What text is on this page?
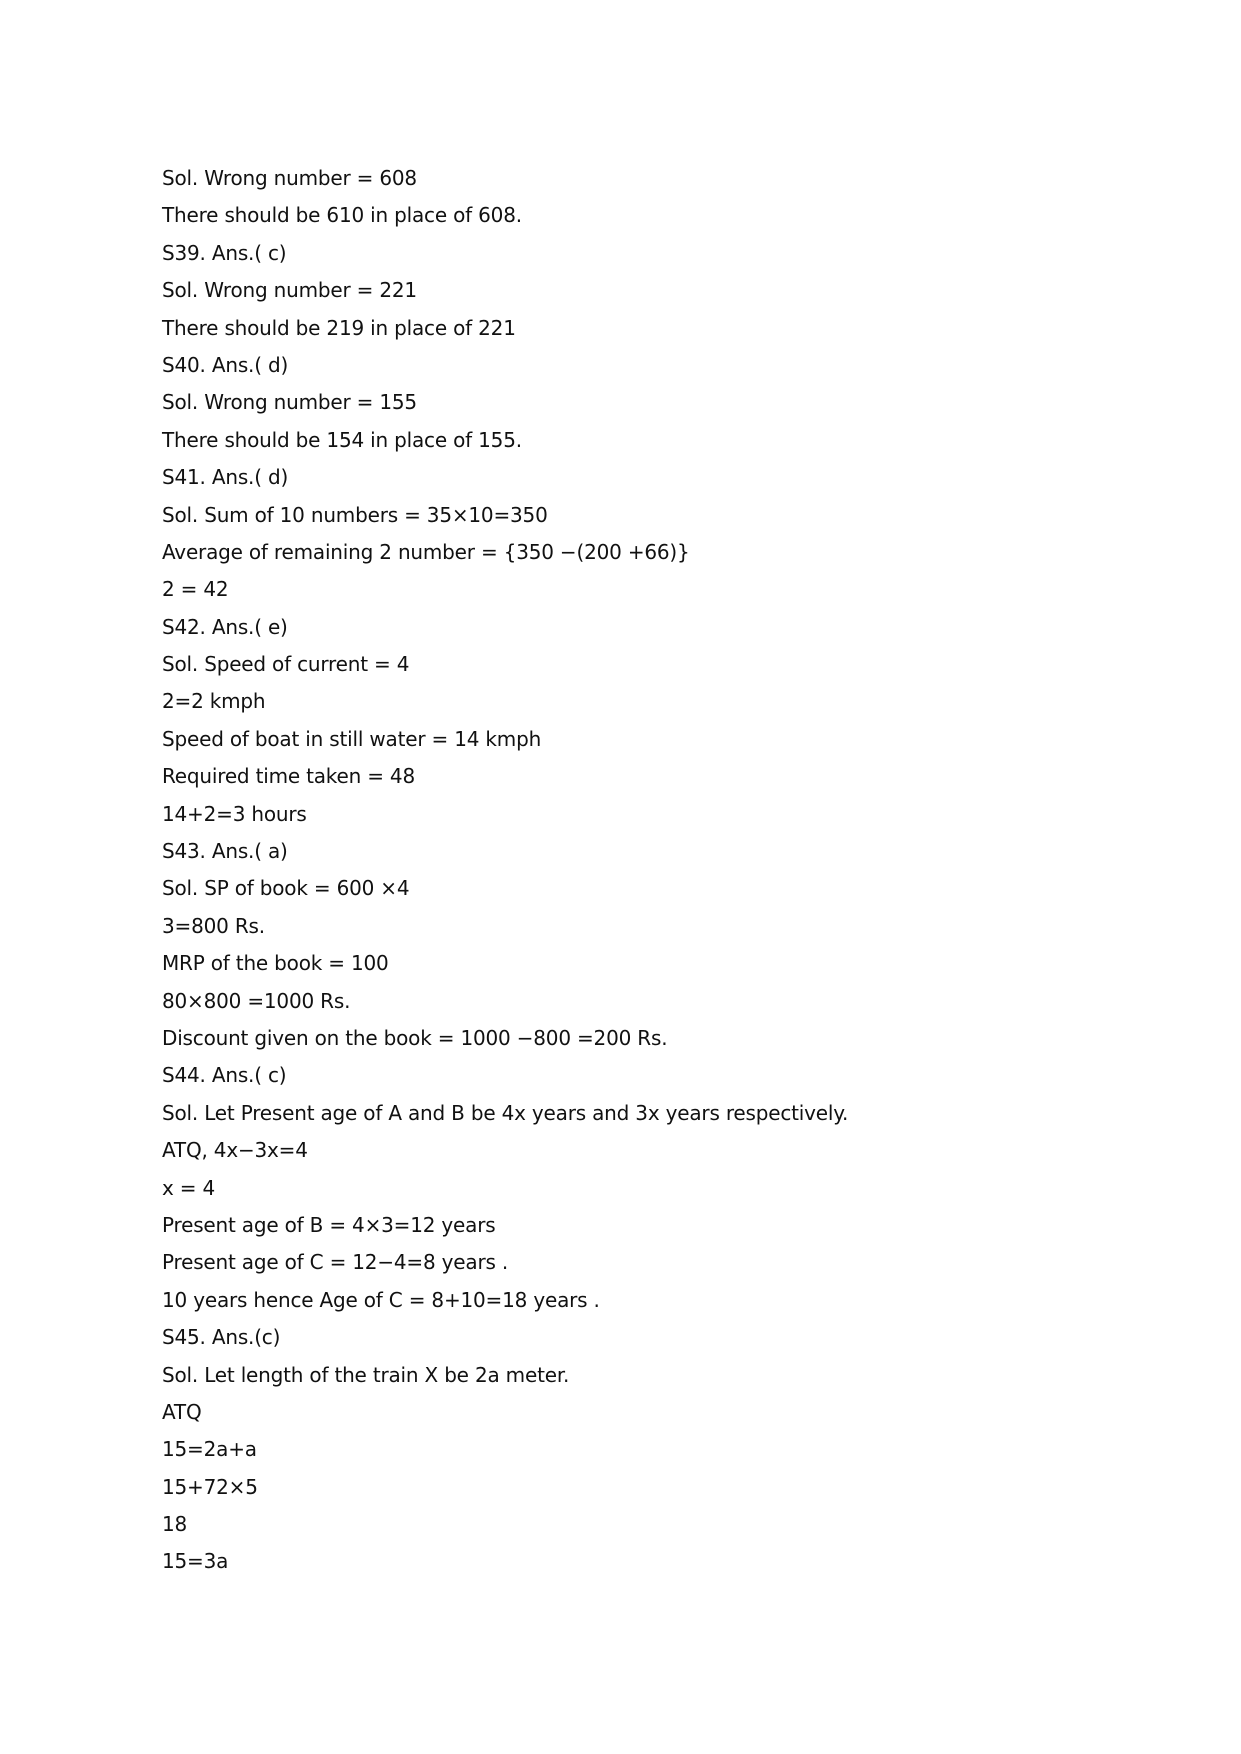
Sol. Wrong number = 608
There should be 610 in place of 608.
S39. Ans.( c)
Sol. Wrong number = 221
There should be 219 in place of 221
S40. Ans.( d)
Sol. Wrong number = 155
There should be 154 in place of 155.
S41. Ans.( d)
Sol. Sum of 10 numbers = 35×10=350
Average of remaining 2 number = {350 −(200 +66)}
2 = 42
S42. Ans.( e)
Sol. Speed of current = 4
2=2 kmph
Speed of boat in still water = 14 kmph
Required time taken = 48
14+2=3 hours
S43. Ans.( a)
Sol. SP of book = 600 ×4
3=800 Rs.
MRP of the book = 100
80×800 =1000 Rs.
Discount given on the book = 1000 −800 =200 Rs.
S44. Ans.( c)
Sol. Let Present age of A and B be 4x years and 3x years respectively.
ATQ, 4x−3x=4
x = 4
Present age of B = 4×3=12 years
Present age of C = 12−4=8 years .
10 years hence Age of C = 8+10=18 years .
S45. Ans.(c)
Sol. Let length of the train X be 2a meter.
ATQ
15=2a+a
15+72×5
18
15=3a
